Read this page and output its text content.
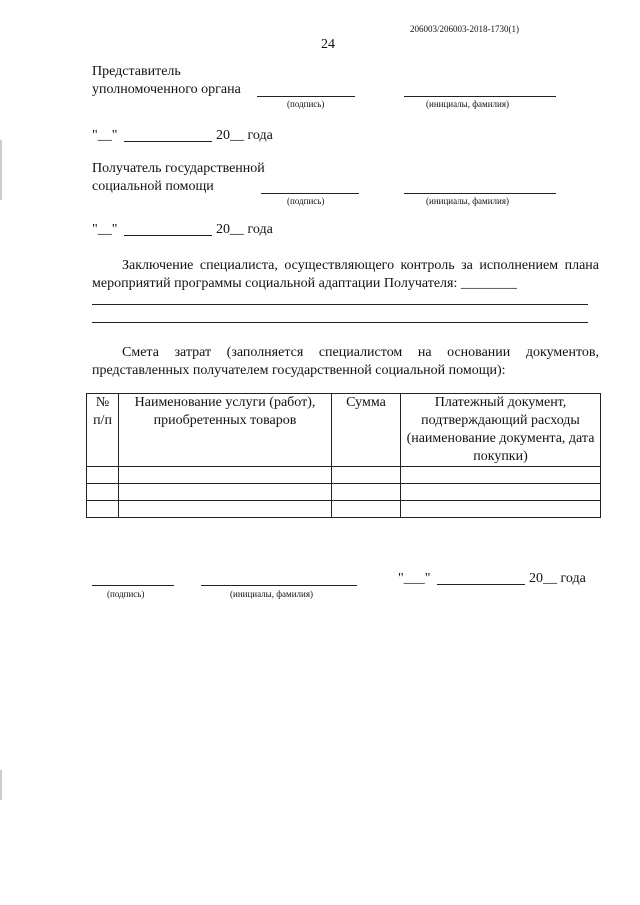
206003/206003-2018-1730(1)
24
Представитель
уполномоченного органа
(подпись)	(инициалы, фамилия)
"__"	20__ года
Получатель государственной
социальной помощи
(подпись)	(инициалы, фамилия)
"__"	20__ года
Заключение специалиста, осуществляющего контроль за исполнением плана мероприятий программы социальной адаптации Получателя: ________
Смета затрат (заполняется специалистом на основании документов, представленных получателем государственной социальной помощи):
№ п/п	Наименование услуги (работ), приобретенных товаров	Сумма	Платежный документ, подтверждающий расходы (наименование документа, дата покупки)

(подпись)	(инициалы, фамилия)
"___"	20__ года
